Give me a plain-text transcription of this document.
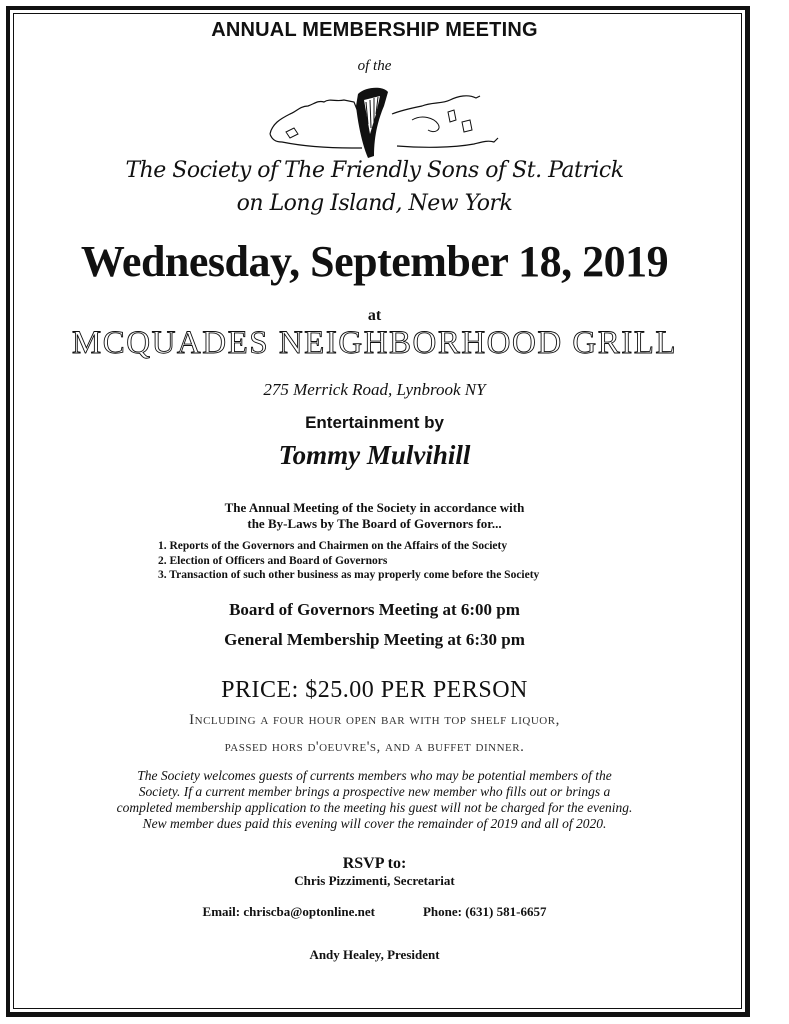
ANNUAL MEMBERSHIP MEETING
of the
The Society of The Friendly Sons of St. Patrick
on Long Island, New York
Wednesday, September 18, 2019
at
MCQUADES NEIGHBORHOOD GRILL
275 Merrick Road, Lynbrook NY
Entertainment by
Tommy Mulvihill
The Annual Meeting of the Society in accordance with
the By-Laws by The Board of Governors for...
1. Reports of the Governors and Chairmen on the Affairs of the Society
2. Election of Officers and Board of Governors
3. Transaction of such other business as may properly come before the Society
Board of Governors Meeting at 6:00 pm
General Membership Meeting at 6:30 pm
PRICE: $25.00 PER PERSON
Including a four hour open bar with top shelf liquor,
passed hors d'oeuvre's, and a buffet dinner.
The Society welcomes guests of currents members who may be potential members of the
Society. If a current member brings a prospective new member who fills out or brings a
completed membership application to the meeting his guest will not be charged for the evening.
New member dues paid this evening will cover the remainder of 2019 and all of 2020.
RSVP to:
Chris Pizzimenti, Secretariat
Email: chriscba@optonline.net	Phone: (631) 581-6657
Andy Healey, President
